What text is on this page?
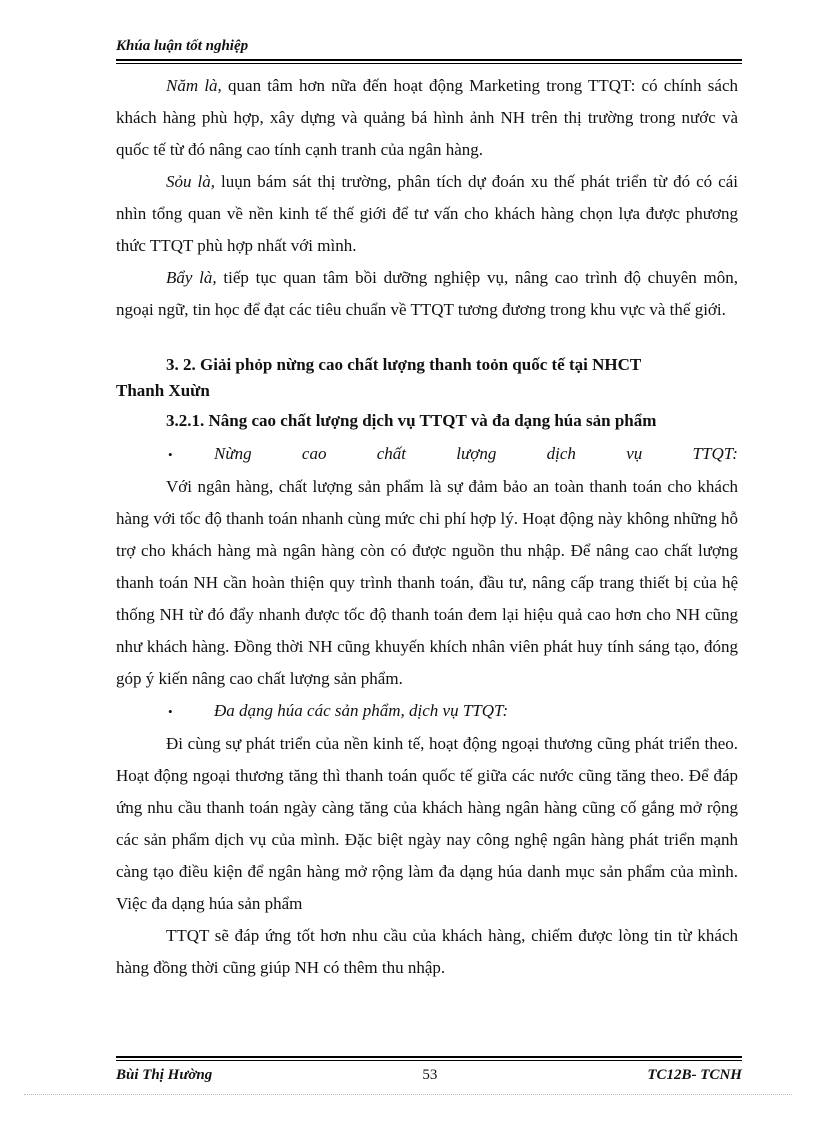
Khúa luận tốt nghiệp

Năm là, quan tâm hơn nữa đến hoạt động Marketing trong TTQT: có chính sách khách hàng phù hợp, xây dựng và quảng bá hình ảnh NH trên thị trường trong nước và quốc tế từ đó nâng cao tính cạnh tranh của ngân hàng.

Sỏu là, luụn bám sát thị trường, phân tích dự đoán xu thế phát triển từ đó có cái nhìn tổng quan về nền kinh tế thế giới để tư vấn cho khách hàng chọn lựa được phương thức TTQT phù hợp nhất với mình.

Bẩy là, tiếp tục quan tâm bồi dưỡng nghiệp vụ, nâng cao trình độ chuyên môn, ngoại ngữ, tin học để đạt các tiêu chuẩn về TTQT tương đương trong khu vực và thế giới.

3. 2. Giải phỏp nừng cao chất lượng thanh toỏn quốc tế tại NHCT
Thanh Xuừn
3.2.1. Nâng cao chất lượng dịch vụ TTQT và đa dạng húa sản phẩm
•	Nừng	cao	chất	lượng	dịch	vụ	TTQT:

Với ngân hàng, chất lượng sản phẩm là sự đảm bảo an toàn thanh toán cho khách hàng với tốc độ thanh toán nhanh cùng mức chi phí hợp lý. Hoạt động này không những hỗ trợ cho khách hàng mà ngân hàng còn có được nguồn thu nhập. Để nâng cao chất lượng thanh toán NH cần hoàn thiện quy trình thanh toán, đầu tư, nâng cấp trang thiết bị của hệ thống NH từ đó đẩy nhanh được tốc độ thanh toán đem lại hiệu quả cao hơn cho NH cũng như khách hàng. Đồng thời NH cũng khuyến khích nhân viên phát huy tính sáng tạo, đóng góp ý kiến nâng cao chất lượng sản phẩm.

•	Đa dạng húa các sản phẩm, dịch vụ TTQT:

Đi cùng sự phát triển của nền kinh tế, hoạt động ngoại thương cũng phát triển theo. Hoạt động ngoại thương tăng thì thanh toán quốc tế giữa các nước cũng tăng theo. Để đáp ứng nhu cầu thanh toán ngày càng tăng của khách hàng ngân hàng cũng cố gắng mở rộng các sản phẩm dịch vụ của mình. Đặc biệt ngày nay công nghệ ngân hàng phát triển mạnh càng tạo điều kiện để ngân hàng mở rộng làm đa dạng húa danh mục sản phẩm của mình. Việc đa dạng húa sản phẩm

TTQT sẽ đáp ứng tốt hơn nhu cầu của khách hàng, chiếm được lòng tin từ khách hàng đồng thời cũng giúp NH có thêm thu nhập.

Bùi Thị Hường	53	TC12B- TCNH
